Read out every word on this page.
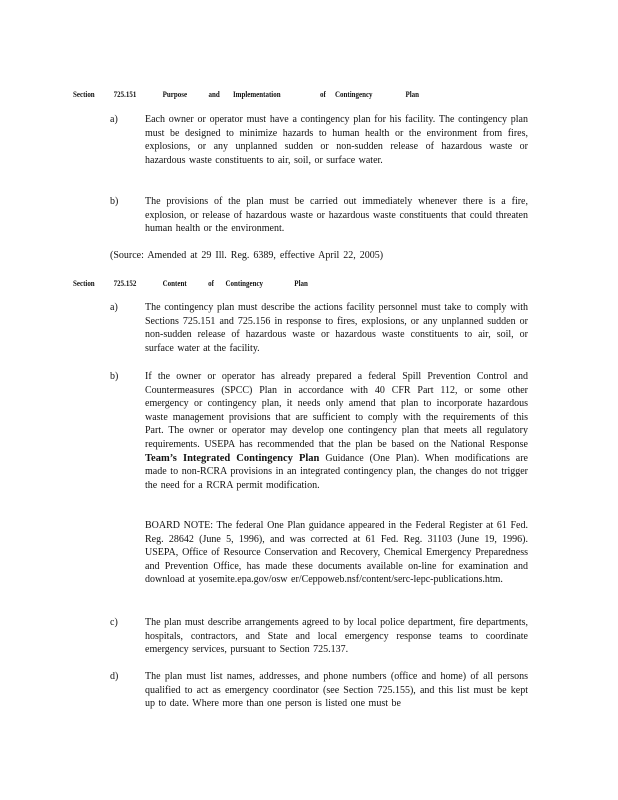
Section 725.151	Purpose	and Implementation	of Contingency	Plan
a)	Each owner or operator must have a contingency plan for his facility. The contingency plan must be designed to minimize hazards to human health or the environment from fires, explosions, or any unplanned sudden or non-sudden release of hazardous waste or hazardous waste constituents to air, soil, or surface water.
b)	The provisions of the plan must be carried out immediately whenever there is a fire, explosion, or release of hazardous waste or hazardous waste constituents that could threaten human health or the environment.
(Source: Amended at 29 Ill. Reg. 6389, effective April 22, 2005)
Section 725.152	Content	of Contingency	Plan
a)	The contingency plan must describe the actions facility personnel must take to comply with Sections 725.151 and 725.156 in response to fires, explosions, or any unplanned sudden or non-sudden release of hazardous waste or hazardous waste constituents to air, soil, or surface water at the facility.
b)	If the owner or operator has already prepared a federal Spill Prevention Control and Countermeasures (SPCC) Plan in accordance with 40 CFR Part 112, or some other emergency or contingency plan, it needs only amend that plan to incorporate hazardous waste management provisions that are sufficient to comply with the requirements of this Part. The owner or operator may develop one contingency plan that meets all regulatory requirements. USEPA has recommended that the plan be based on the National Response Team’s Integrated Contingency Plan Guidance (One Plan). When modifications are made to non-RCRA provisions in an integrated contingency plan, the changes do not trigger the need for a RCRA permit modification.
BOARD NOTE: The federal One Plan guidance appeared in the Federal Register at 61 Fed. Reg. 28642 (June 5, 1996), and was corrected at 61 Fed. Reg. 31103 (June 19, 1996). USEPA, Office of Resource Conservation and Recovery, Chemical Emergency Preparedness and Prevention Office, has made these documents available on-line for examination and download at yosemite.epa.gov/osw er/Ceppoweb.nsf/content/serc-lepc-publications.htm.
c)	The plan must describe arrangements agreed to by local police department, fire departments, hospitals, contractors, and State and local emergency response teams to coordinate emergency services, pursuant to Section 725.137.
d)	The plan must list names, addresses, and phone numbers (office and home) of all persons qualified to act as emergency coordinator (see Section 725.155), and this list must be kept up to date. Where more than one person is listed one must be
